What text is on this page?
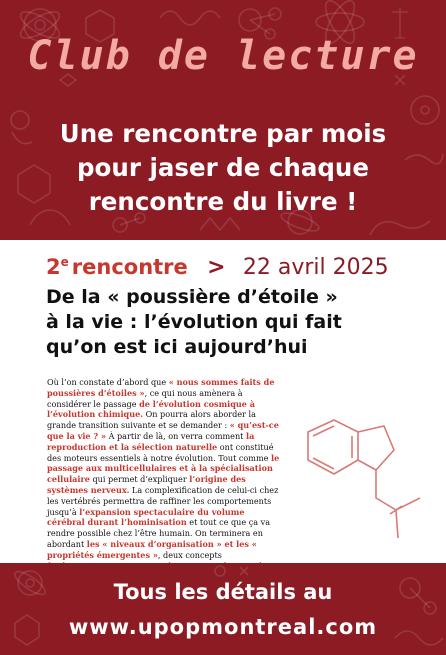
Club de lecture
Une rencontre par mois
pour jaser de chaque
rencontre du livre !
2e rencontre > 22 avril 2025
De la « poussière d’étoile »
à la vie : l’évolution qui fait
qu’on est ici aujourd’hui
Où l’on constate d’abord que « nous sommes faits de poussières d’étoiles », ce qui nous amènera à considérer le passage de l’évolution cosmique à l’évolution chimique. On pourra alors aborder la grande transition suivante et se demander : « qu’est-ce que la vie ? » À partir de là, on verra comment la reproduction et la sélection naturelle ont constitué des moteurs essentiels à notre évolution. Tout comme le passage aux multicellulaires et à la spécialisation cellulaire qui permet d’expliquer l’origine des systèmes nerveux. La complexification de celui-ci chez les vertébrés permettra de raffiner les comportements jusqu’à l’expansion spectaculaire du volume cérébral durant l’hominisation et tout ce que ça va rendre possible chez l’être humain. On terminera en abordant les « niveaux d’organisation » et les « propriétés émergentes », deux concepts
Tous les détails au
www.upopmontreal.com
